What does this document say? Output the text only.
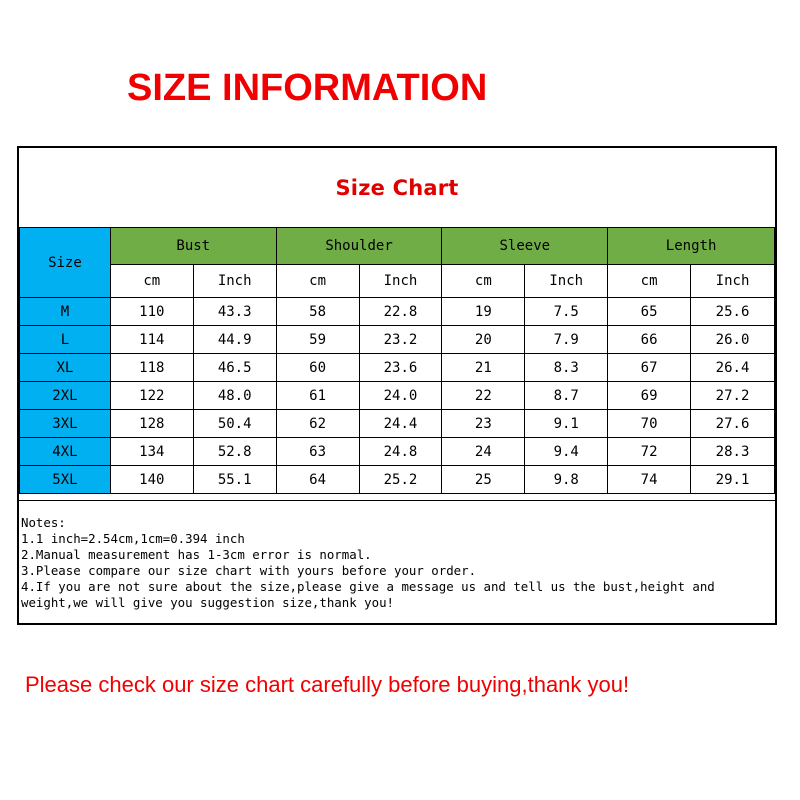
SIZE INFORMATION
Size Chart
Size	Bust		Shoulder		Sleeve		Length	
	cm	Inch	cm	Inch	cm	Inch	cm	Inch
M	110	43.3	58	22.8	19	7.5	65	25.6
L	114	44.9	59	23.2	20	7.9	66	26.0
XL	118	46.5	60	23.6	21	8.3	67	26.4
2XL	122	48.0	61	24.0	22	8.7	69	27.2
3XL	128	50.4	62	24.4	23	9.1	70	27.6
4XL	134	52.8	63	24.8	24	9.4	72	28.3
5XL	140	55.1	64	25.2	25	9.8	74	29.1
Notes:
1.1 inch=2.54cm,1cm=0.394 inch
2.Manual measurement has 1-3cm error is normal.
3.Please compare our size chart with yours before your order.
4.If you are not sure about the size,please give a message us and tell us the bust,height and weight,we will give you suggestion size,thank you!
Please check our size chart carefully before buying,thank you!
